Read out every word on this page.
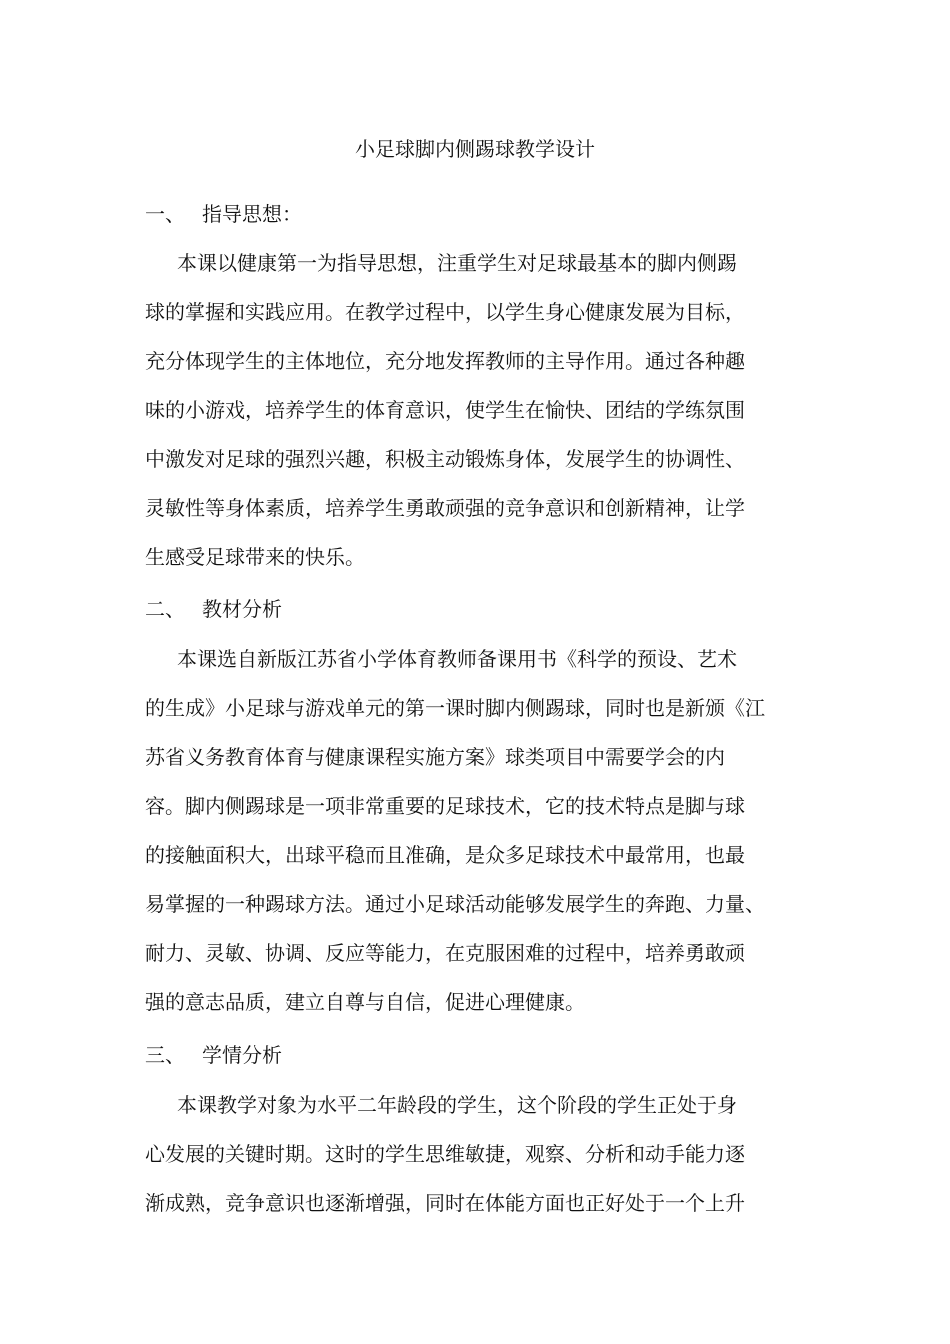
小足球脚内侧踢球教学设计
一、 指导思想：
本课以健康第一为指导思想，注重学生对足球最基本的脚内侧踢
球的掌握和实践应用。在教学过程中，以学生身心健康发展为目标，
充分体现学生的主体地位，充分地发挥教师的主导作用。通过各种趣
味的小游戏，培养学生的体育意识，使学生在愉快、团结的学练氛围
中激发对足球的强烈兴趣，积极主动锻炼身体，发展学生的协调性、
灵敏性等身体素质，培养学生勇敢顽强的竞争意识和创新精神，让学
生感受足球带来的快乐。
二、 教材分析
本课选自新版江苏省小学体育教师备课用书《科学的预设、艺术
的生成》小足球与游戏单元的第一课时脚内侧踢球，同时也是新颁《江
苏省义务教育体育与健康课程实施方案》球类项目中需要学会的内
容。脚内侧踢球是一项非常重要的足球技术，它的技术特点是脚与球
的接触面积大，出球平稳而且准确，是众多足球技术中最常用，也最
易掌握的一种踢球方法。通过小足球活动能够发展学生的奔跑、力量、
耐力、灵敏、协调、反应等能力，在克服困难的过程中，培养勇敢顽
强的意志品质，建立自尊与自信，促进心理健康。
三、 学情分析
本课教学对象为水平二年龄段的学生，这个阶段的学生正处于身
心发展的关键时期。这时的学生思维敏捷，观察、分析和动手能力逐
渐成熟，竞争意识也逐渐增强，同时在体能方面也正好处于一个上升
